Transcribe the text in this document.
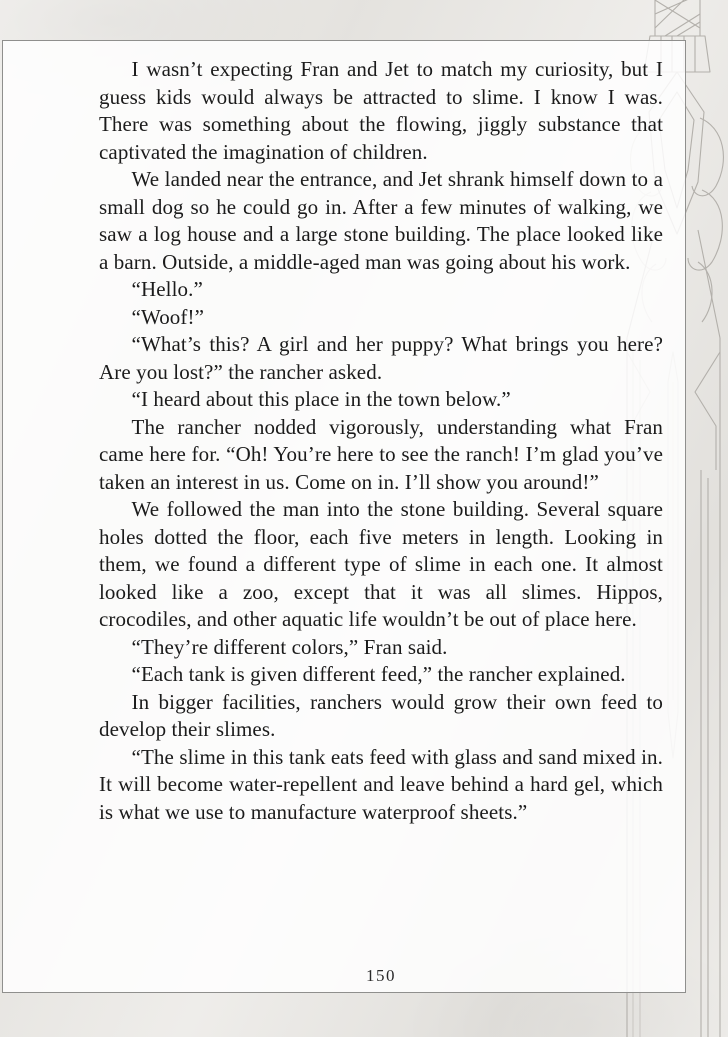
I wasn’t expecting Fran and Jet to match my curiosity, but I guess kids would always be attracted to slime. I know I was. There was something about the flowing, jiggly substance that captivated the imagination of children.

We landed near the entrance, and Jet shrank himself down to a small dog so he could go in. After a few minutes of walking, we saw a log house and a large stone building. The place looked like a barn. Outside, a middle-aged man was going about his work.

“Hello.”

“Woof!”

“What’s this? A girl and her puppy? What brings you here? Are you lost?” the rancher asked.

“I heard about this place in the town below.”

The rancher nodded vigorously, understanding what Fran came here for. “Oh! You’re here to see the ranch! I’m glad you’ve taken an interest in us. Come on in. I’ll show you around!”

We followed the man into the stone building. Several square holes dotted the floor, each five meters in length. Looking in them, we found a different type of slime in each one. It almost looked like a zoo, except that it was all slimes. Hippos, crocodiles, and other aquatic life wouldn’t be out of place here.

“They’re different colors,” Fran said.

“Each tank is given different feed,” the rancher explained.

In bigger facilities, ranchers would grow their own feed to develop their slimes.

“The slime in this tank eats feed with glass and sand mixed in. It will become water-repellent and leave behind a hard gel, which is what we use to manufacture waterproof sheets.”

150
